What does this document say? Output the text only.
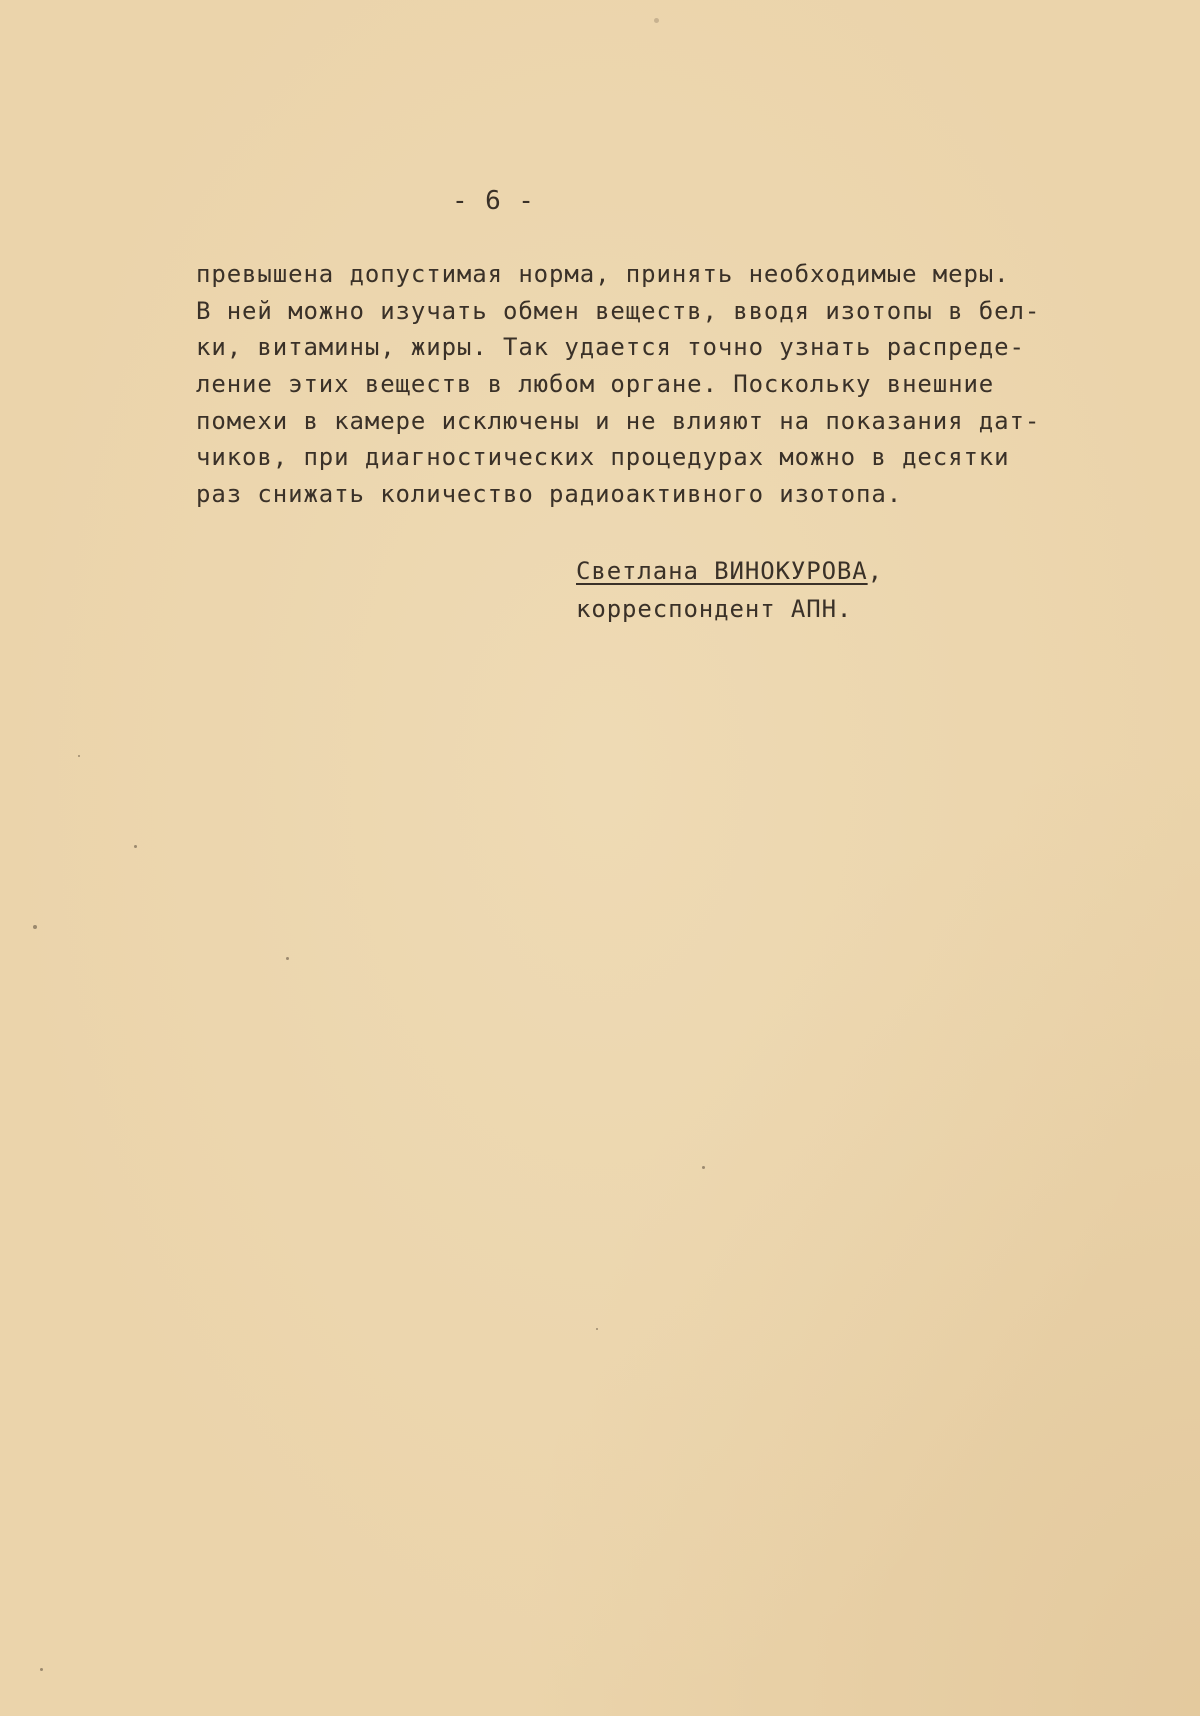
- 6 -
превышена допустимая норма, принять необходимые меры.
В ней можно изучать обмен веществ, вводя изотопы в бел-
ки, витамины, жиры. Так удается точно узнать распреде-
ление этих веществ в любом органе. Поскольку внешние
помехи в камере исключены и не влияют на показания дат-
чиков, при диагностических процедурах можно в десятки
раз снижать количество радиоактивного изотопа.
Светлана ВИНОКУРОВА,
корреспондент АПН.
